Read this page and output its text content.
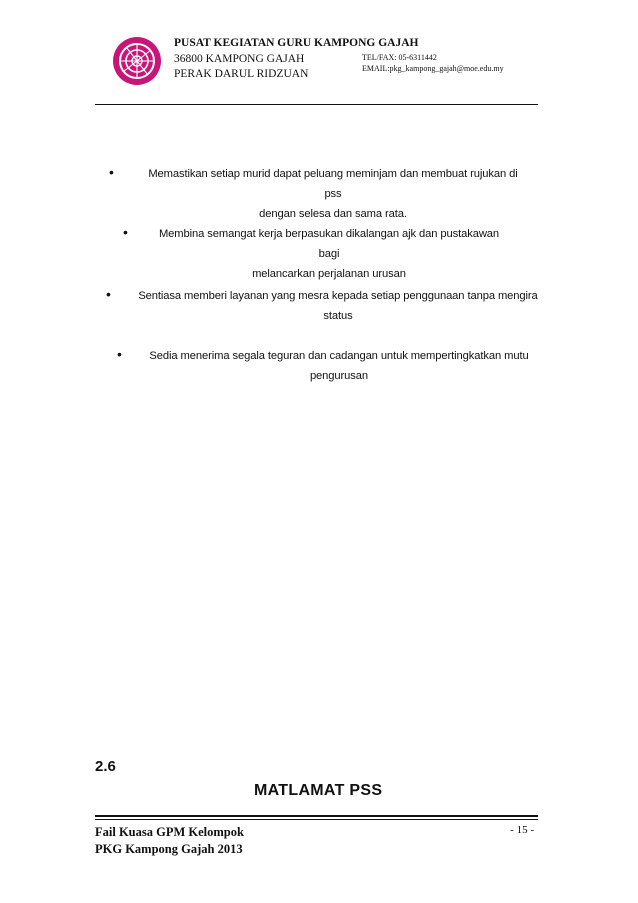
PUSAT KEGIATAN GURU KAMPONG GAJAH
36800 KAMPONG GAJAH
PERAK DARUL RIDZUAN
TEL/FAX: 05-6311442
EMAIL:pkg_kampong_gajah@moe.edu.my
•	Memastikan setiap murid dapat peluang meminjam dan membuat rujukan di pss
dengan selesa dan sama rata.
•	Membina semangat kerja berpasukan dikalangan ajk dan pustakawan bagi
melancarkan perjalanan urusan
• Sentiasa memberi layanan yang mesra kepada setiap penggunaan tanpa mengira
status
• Sedia menerima segala teguran dan cadangan untuk mempertingkatkan mutu
pengurusan
2.6
MATLAMAT PSS
Fail Kuasa GPM Kelompok
PKG Kampong Gajah 2013
- 15 -
